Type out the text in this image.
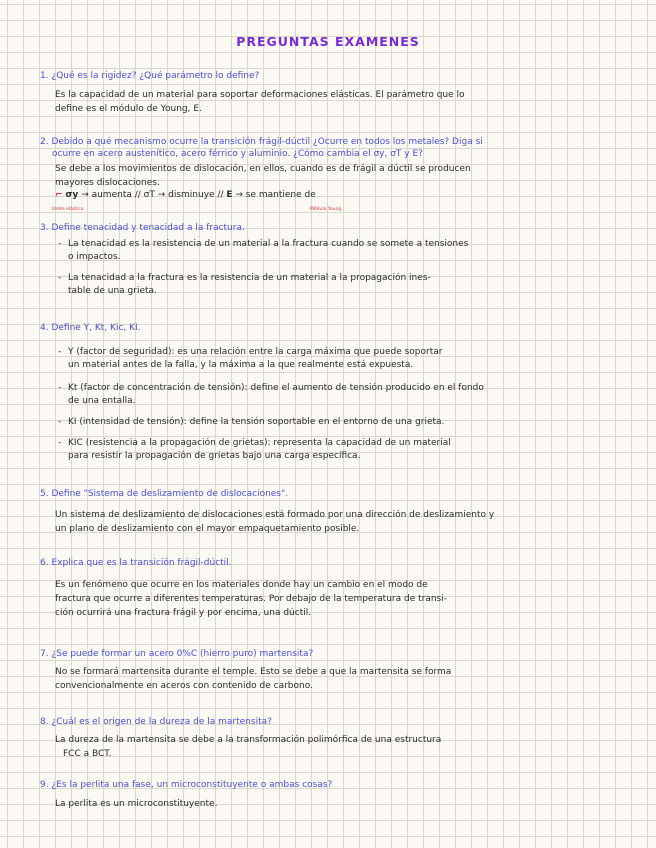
PREGUNTAS EXAMENES
1. ¿Qué es la rigidez? ¿Qué parámetro lo define?
Es la capacidad de un material para soportar deformaciones elásticas. El parámetro que lo
define es el módulo de Young, E.
2. Debido a qué mecanismo ocurre la transición frágil-dúctil ¿Ocurre en todos los metales? Diga si
ocurre en acero austenítico, acero férrico y aluminio. ¿Cómo cambia el σy, σT y E?
Se debe a los movimientos de dislocación, en ellos, cuando es de frágil a dúctil se producen
mayores dislocaciones.
⌐ σy → aumenta // σT → disminuye // E → se mantiene de
límite elástico	Módulo Young
3. Define tenacidad y tenacidad a la fractura.
- La tenacidad es la resistencia de un material a la fractura cuando se somete a tensiones
o impactos.
- La tenacidad a la fractura es la resistencia de un material a la propagación ines-
table de una grieta.
4. Define Y, Kt, Kic, KI.
- Y (factor de seguridad): es una relación entre la carga máxima que puede soportar
un material antes de la falla, y la máxima a la que realmente está expuesta.
- Kt (factor de concentración de tensión): define el aumento de tensión producido en el fondo
de una entalla.
- KI (intensidad de tensión): define la tensión soportable en el entorno de una grieta.
- KIC (resistencia a la propagación de grietas): representa la capacidad de un material
para resistir la propagación de grietas bajo una carga específica.
5. Define "Sistema de deslizamiento de dislocaciones".
Un sistema de deslizamiento de dislocaciones está formado por una dirección de deslizamiento y
un plano de deslizamiento con el mayor empaquetamiento posible.
6. Explica que es la transición frágil-dúctil.
Es un fenómeno que ocurre en los materiales donde hay un cambio en el modo de
fractura que ocurre a diferentes temperaturas. Por debajo de la temperatura de transi-
ción ocurrirá una fractura frágil y por encima, una dúctil.
7. ¿Se puede formar un acero 0%C (hierro puro) martensita?
No se formará martensita durante el temple. Esto se debe a que la martensita se forma
convencionalmente en aceros con contenido de carbono.
8. ¿Cuál es el origen de la dureza de la martensita?
La dureza de la martensita se debe a la transformación polimórfica de una estructura
FCC a BCT.
9. ¿Es la perlita una fase, un microconstituyente o ambas cosas?
La perlita es un microconstituyente.
